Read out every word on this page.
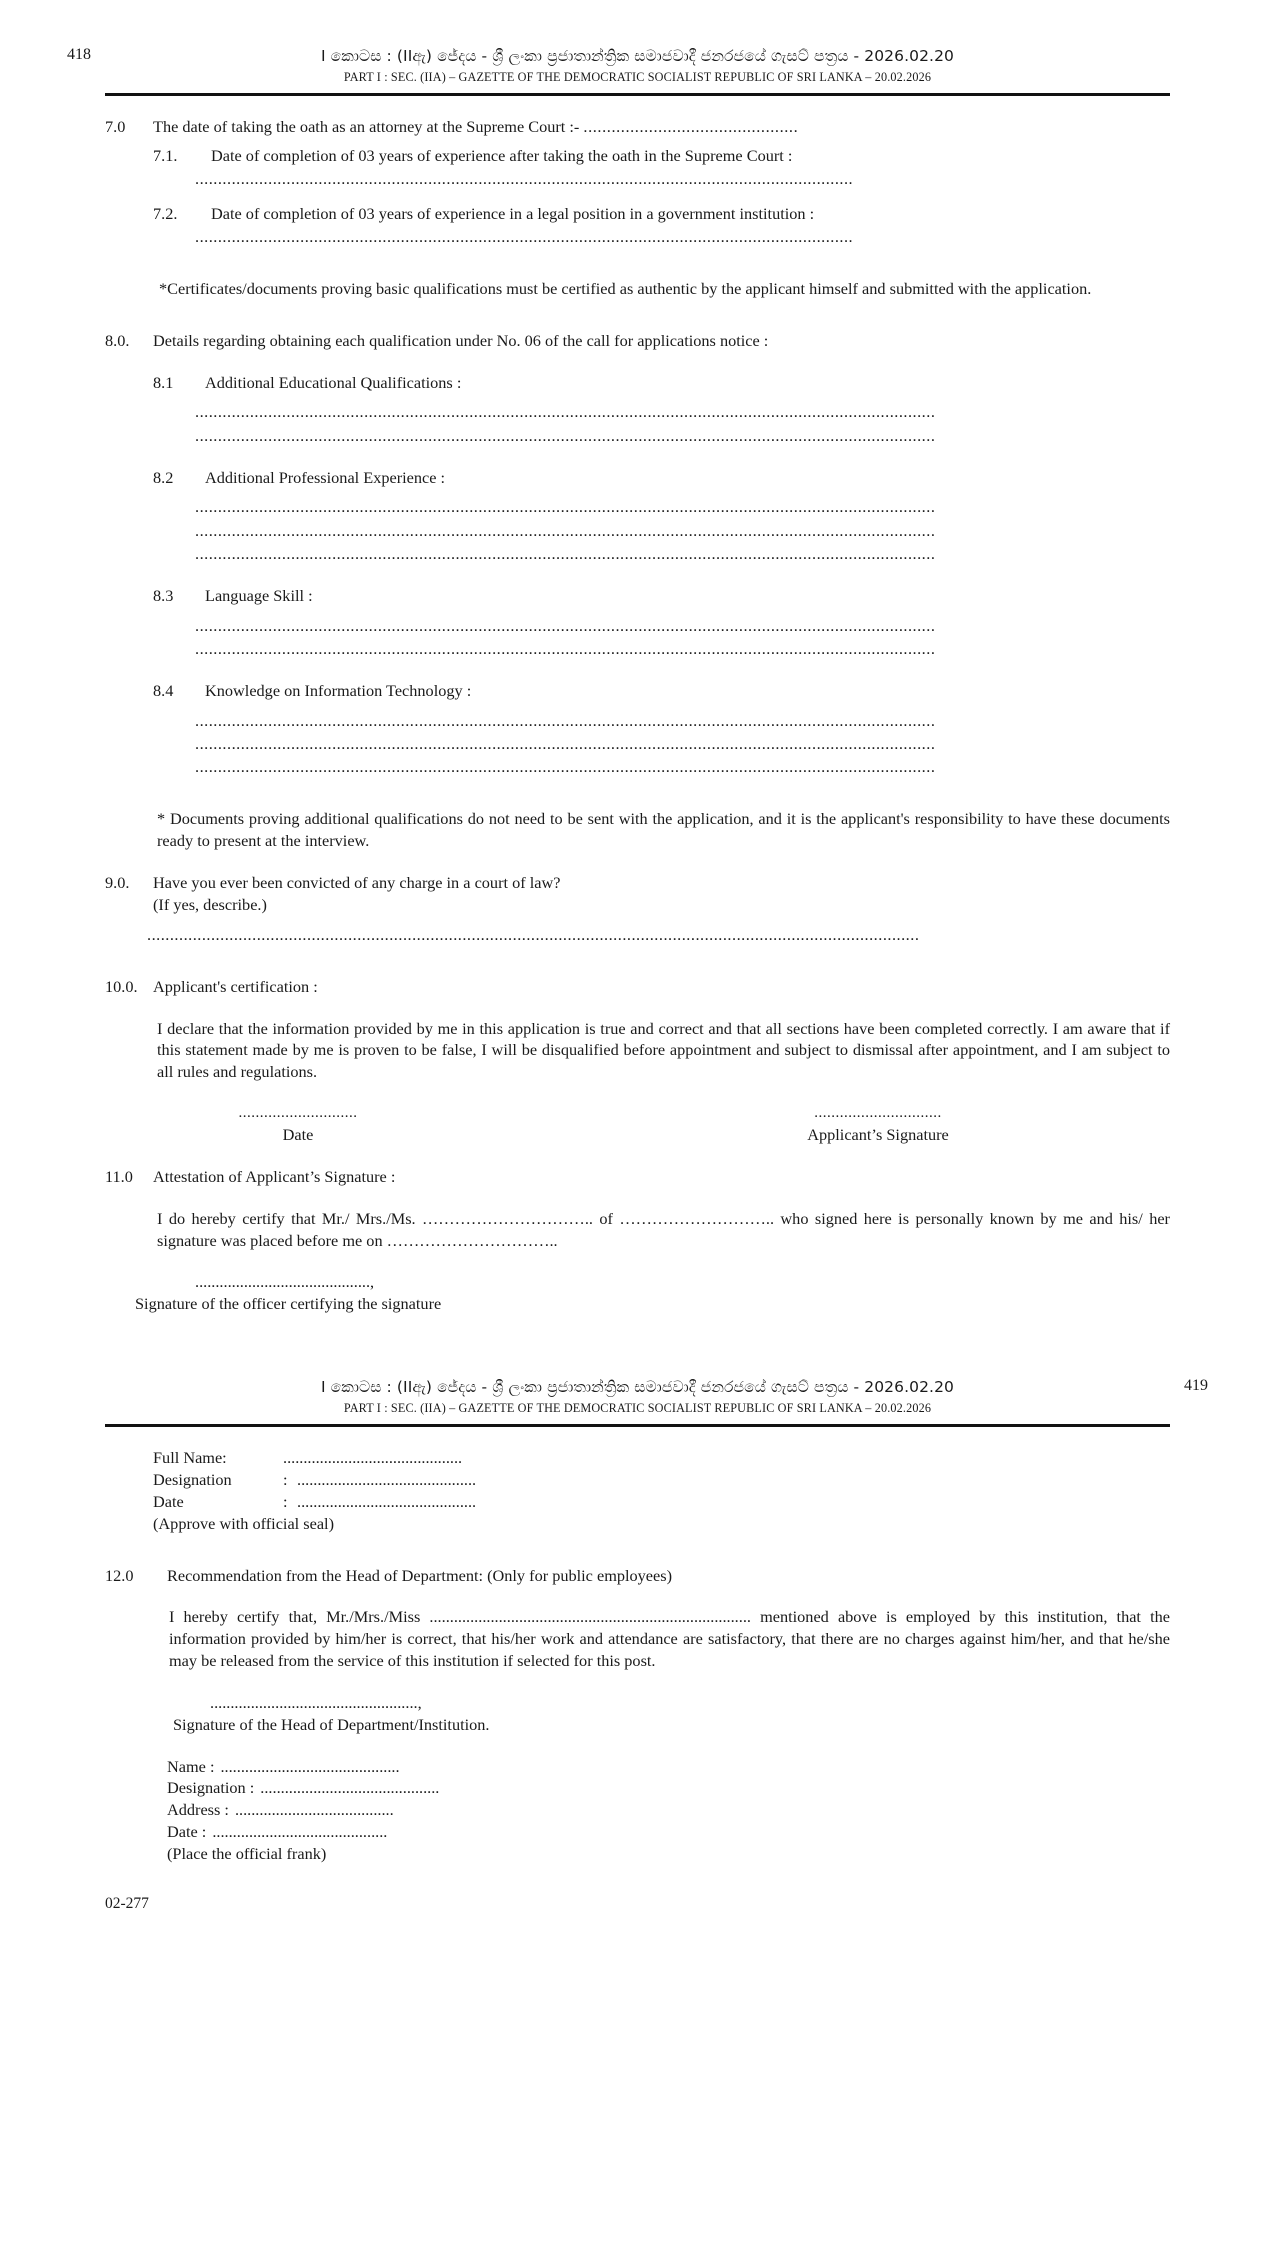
418	I කොටස : (IIඇ) ජේදය - ශ්‍රී ලංකා ප්‍රජාතාන්ත්‍රික සමාජවාදී ජනරජයේ ගැසට් පත්‍රය - 2026.02.20
PART I : SEC. (IIA) – GAZETTE OF THE DEMOCRATIC SOCIALIST REPUBLIC OF SRI LANKA – 20.02.2026
7.0	The date of taking the oath as an attorney at the Supreme Court :- ..............................................
7.1.	Date of completion of 03 years of experience after taking the oath in the Supreme Court :
................................................................................................................................................
7.2.	Date of completion of 03 years of experience in a legal position in a government institution :
................................................................................................................................................
*Certificates/documents proving basic qualifications must be certified as authentic by the applicant himself and submitted with the application.
8.0.	Details regarding obtaining each qualification under No. 06 of the call for applications notice :
8.1	Additional Educational Qualifications :
..................................................................................................................................................................
..................................................................................................................................................................
8.2	Additional Professional Experience :
..................................................................................................................................................................
..................................................................................................................................................................
..................................................................................................................................................................
8.3	Language Skill :
..................................................................................................................................................................
..................................................................................................................................................................
8.4	Knowledge on Information Technology :
..................................................................................................................................................................
..................................................................................................................................................................
..................................................................................................................................................................
* Documents proving additional qualifications do not need to be sent with the application, and it is the applicant's responsibility to have these documents ready to present at the interview.
9.0.	Have you ever been convicted of any charge in a court of law?
(If yes, describe.)
.........................................................................................................................................................................
10.0. Applicant's certification :
I declare that the information provided by me in this application is true and correct and that all sections have been completed correctly. I am aware that if this statement made by me is proven to be false, I will be disqualified before appointment and subject to dismissal after appointment, and I am subject to all rules and regulations.
............................
Date
..............................
Applicant’s Signature
11.0	Attestation of Applicant’s Signature :
I do hereby certify that Mr./ Mrs./Ms. ………………………….. of ……………………….. who signed here is personally known by me and his/ her signature was placed before me on …………………………..
...........................................,
Signature of the officer certifying the signature
419
I කොටස : (IIඇ) ජේදය - ශ්‍රී ලංකා ප්‍රජාතාන්ත්‍රික සමාජවාදී ජනරජයේ ගැසට් පත්‍රය - 2026.02.20
PART I : SEC. (IIA) – GAZETTE OF THE DEMOCRATIC SOCIALIST REPUBLIC OF SRI LANKA – 20.02.2026
Full Name:	............................................
Designation	: ............................................
Date	: ............................................
(Approve with official seal)
12.0	Recommendation from the Head of Department: (Only for public employees)
I hereby certify that, Mr./Mrs./Miss ............................................................................... mentioned above is employed by this institution, that the information provided by him/her is correct, that his/her work and attendance are satisfactory, that there are no charges against him/her, and that he/she may be released from the service of this institution if selected for this post.
...................................................,
Signature of the Head of Department/Institution.
Name : ............................................
Designation : ............................................
Address : .......................................
Date : ...........................................
(Place the official frank)
02-277
